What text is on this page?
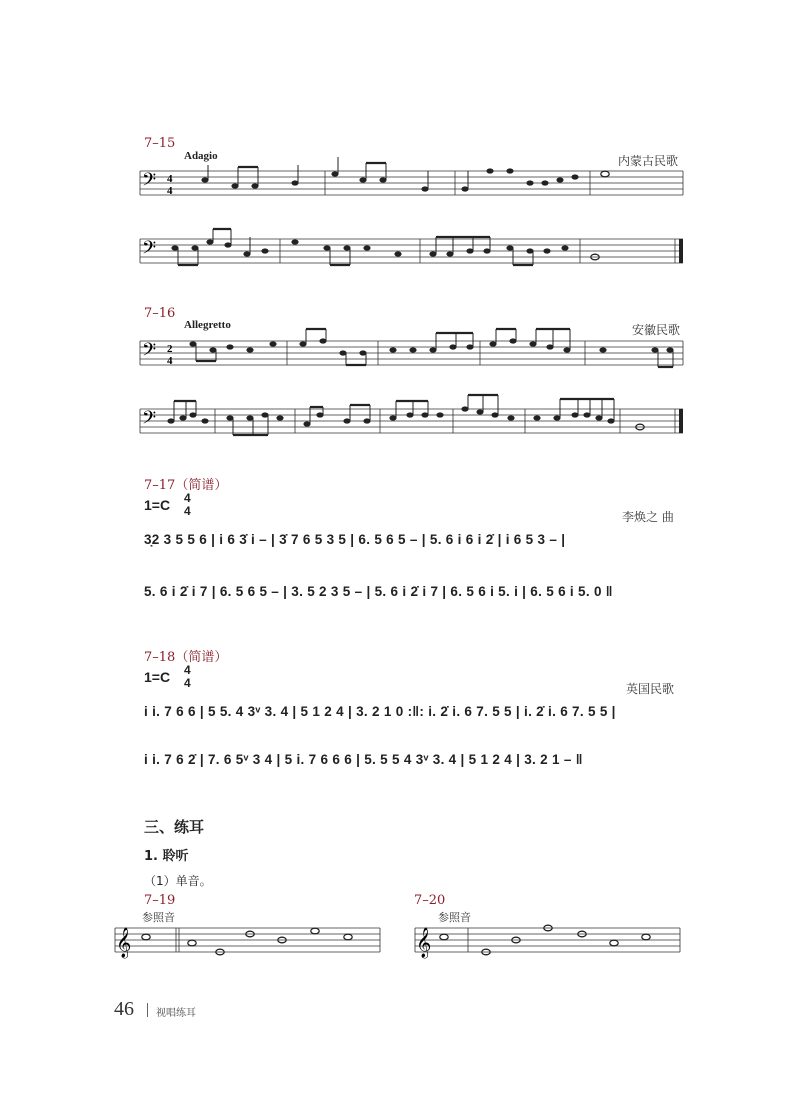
7–15
Adagio	内蒙古民歌
𝄢 4
4
𝄢
7–16
Allegretto	安徽民歌
𝄢 2
4
𝄢
7–17（简谱）
1=C 4
4	李焕之 曲
3̣2 3 5 5 6 | i 6 3̇ i – | 3̇ 7 6 5 3 5 | 6. 5 6 5 – | 5. 6 i 6 i 2̇ | i 6 5 3 – |
5. 6 i 2̇ i 7 | 6. 5 6 5 – | 3. 5 2 3 5 – | 5. 6 i 2̇ i 7 | 6. 5 6 i 5. i | 6. 5 6 i 5. 0 ‖
7–18（简谱）
1=C 4
4	英国民歌
i i. 7 6 6 | 5 5. 4 3ᵛ 3. 4 | 5 1 2 4 | 3. 2 1 0 :‖: i. 2̇ i. 6 7. 5 5 | i. 2̇ i. 6 7. 5 5 |
i i. 7 6 2̇ | 7. 6 5ᵛ 3 4 | 5 i. 7 6 6 6 | 5. 5 5 4 3ᵛ 3. 4 | 5 1 2 4 | 3. 2 1 – ‖
三、练耳
1. 聆听
（1）单音。
7–19
参照音
𝄞
7–20
参照音
𝄞
46 视唱练耳
